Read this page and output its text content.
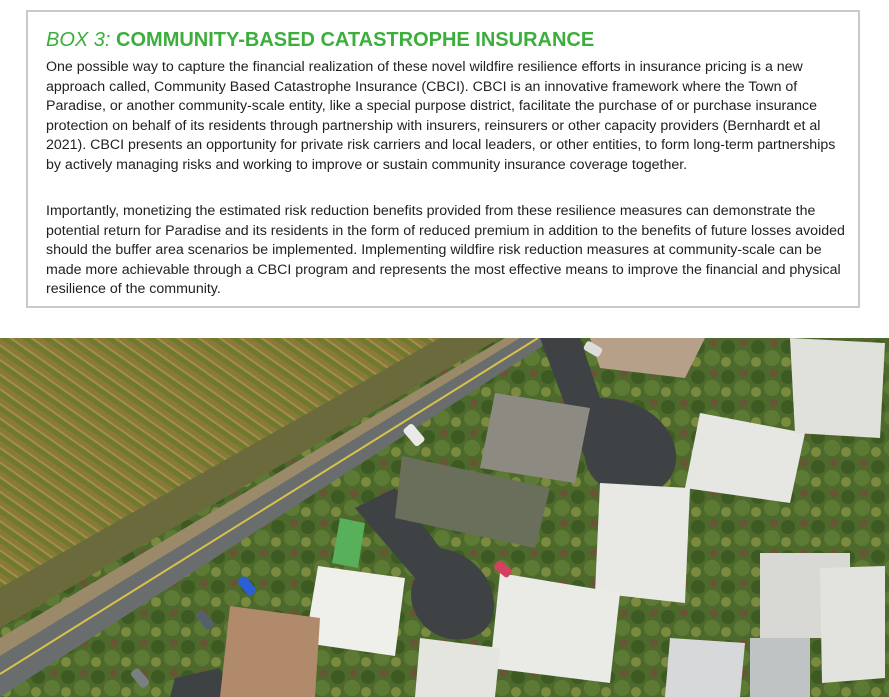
BOX 3: COMMUNITY-BASED CATASTROPHE INSURANCE

One possible way to capture the financial realization of these novel wildfire resilience efforts in insurance pricing is a new approach called, Community Based Catastrophe Insurance (CBCI). CBCI is an innovative framework where the Town of Paradise, or another community-scale entity, like a special purpose district, facilitate the purchase of or purchase insurance protection on behalf of its residents through partnership with insurers, reinsurers or other capacity providers (Bernhardt et al 2021). CBCI presents an opportunity for private risk carriers and local leaders, or other entities, to form long-term partnerships by actively managing risks and working to improve or sustain community insurance coverage together.

Importantly, monetizing the estimated risk reduction benefits provided from these resilience measures can demonstrate the potential return for Paradise and its residents in the form of reduced premium in addition to the benefits of future losses avoided should the buffer area scenarios be implemented. Implementing wildfire risk reduction measures at community-scale can be made more achievable through a CBCI program and represents the most effective means to improve the financial and physical resilience of the community.
